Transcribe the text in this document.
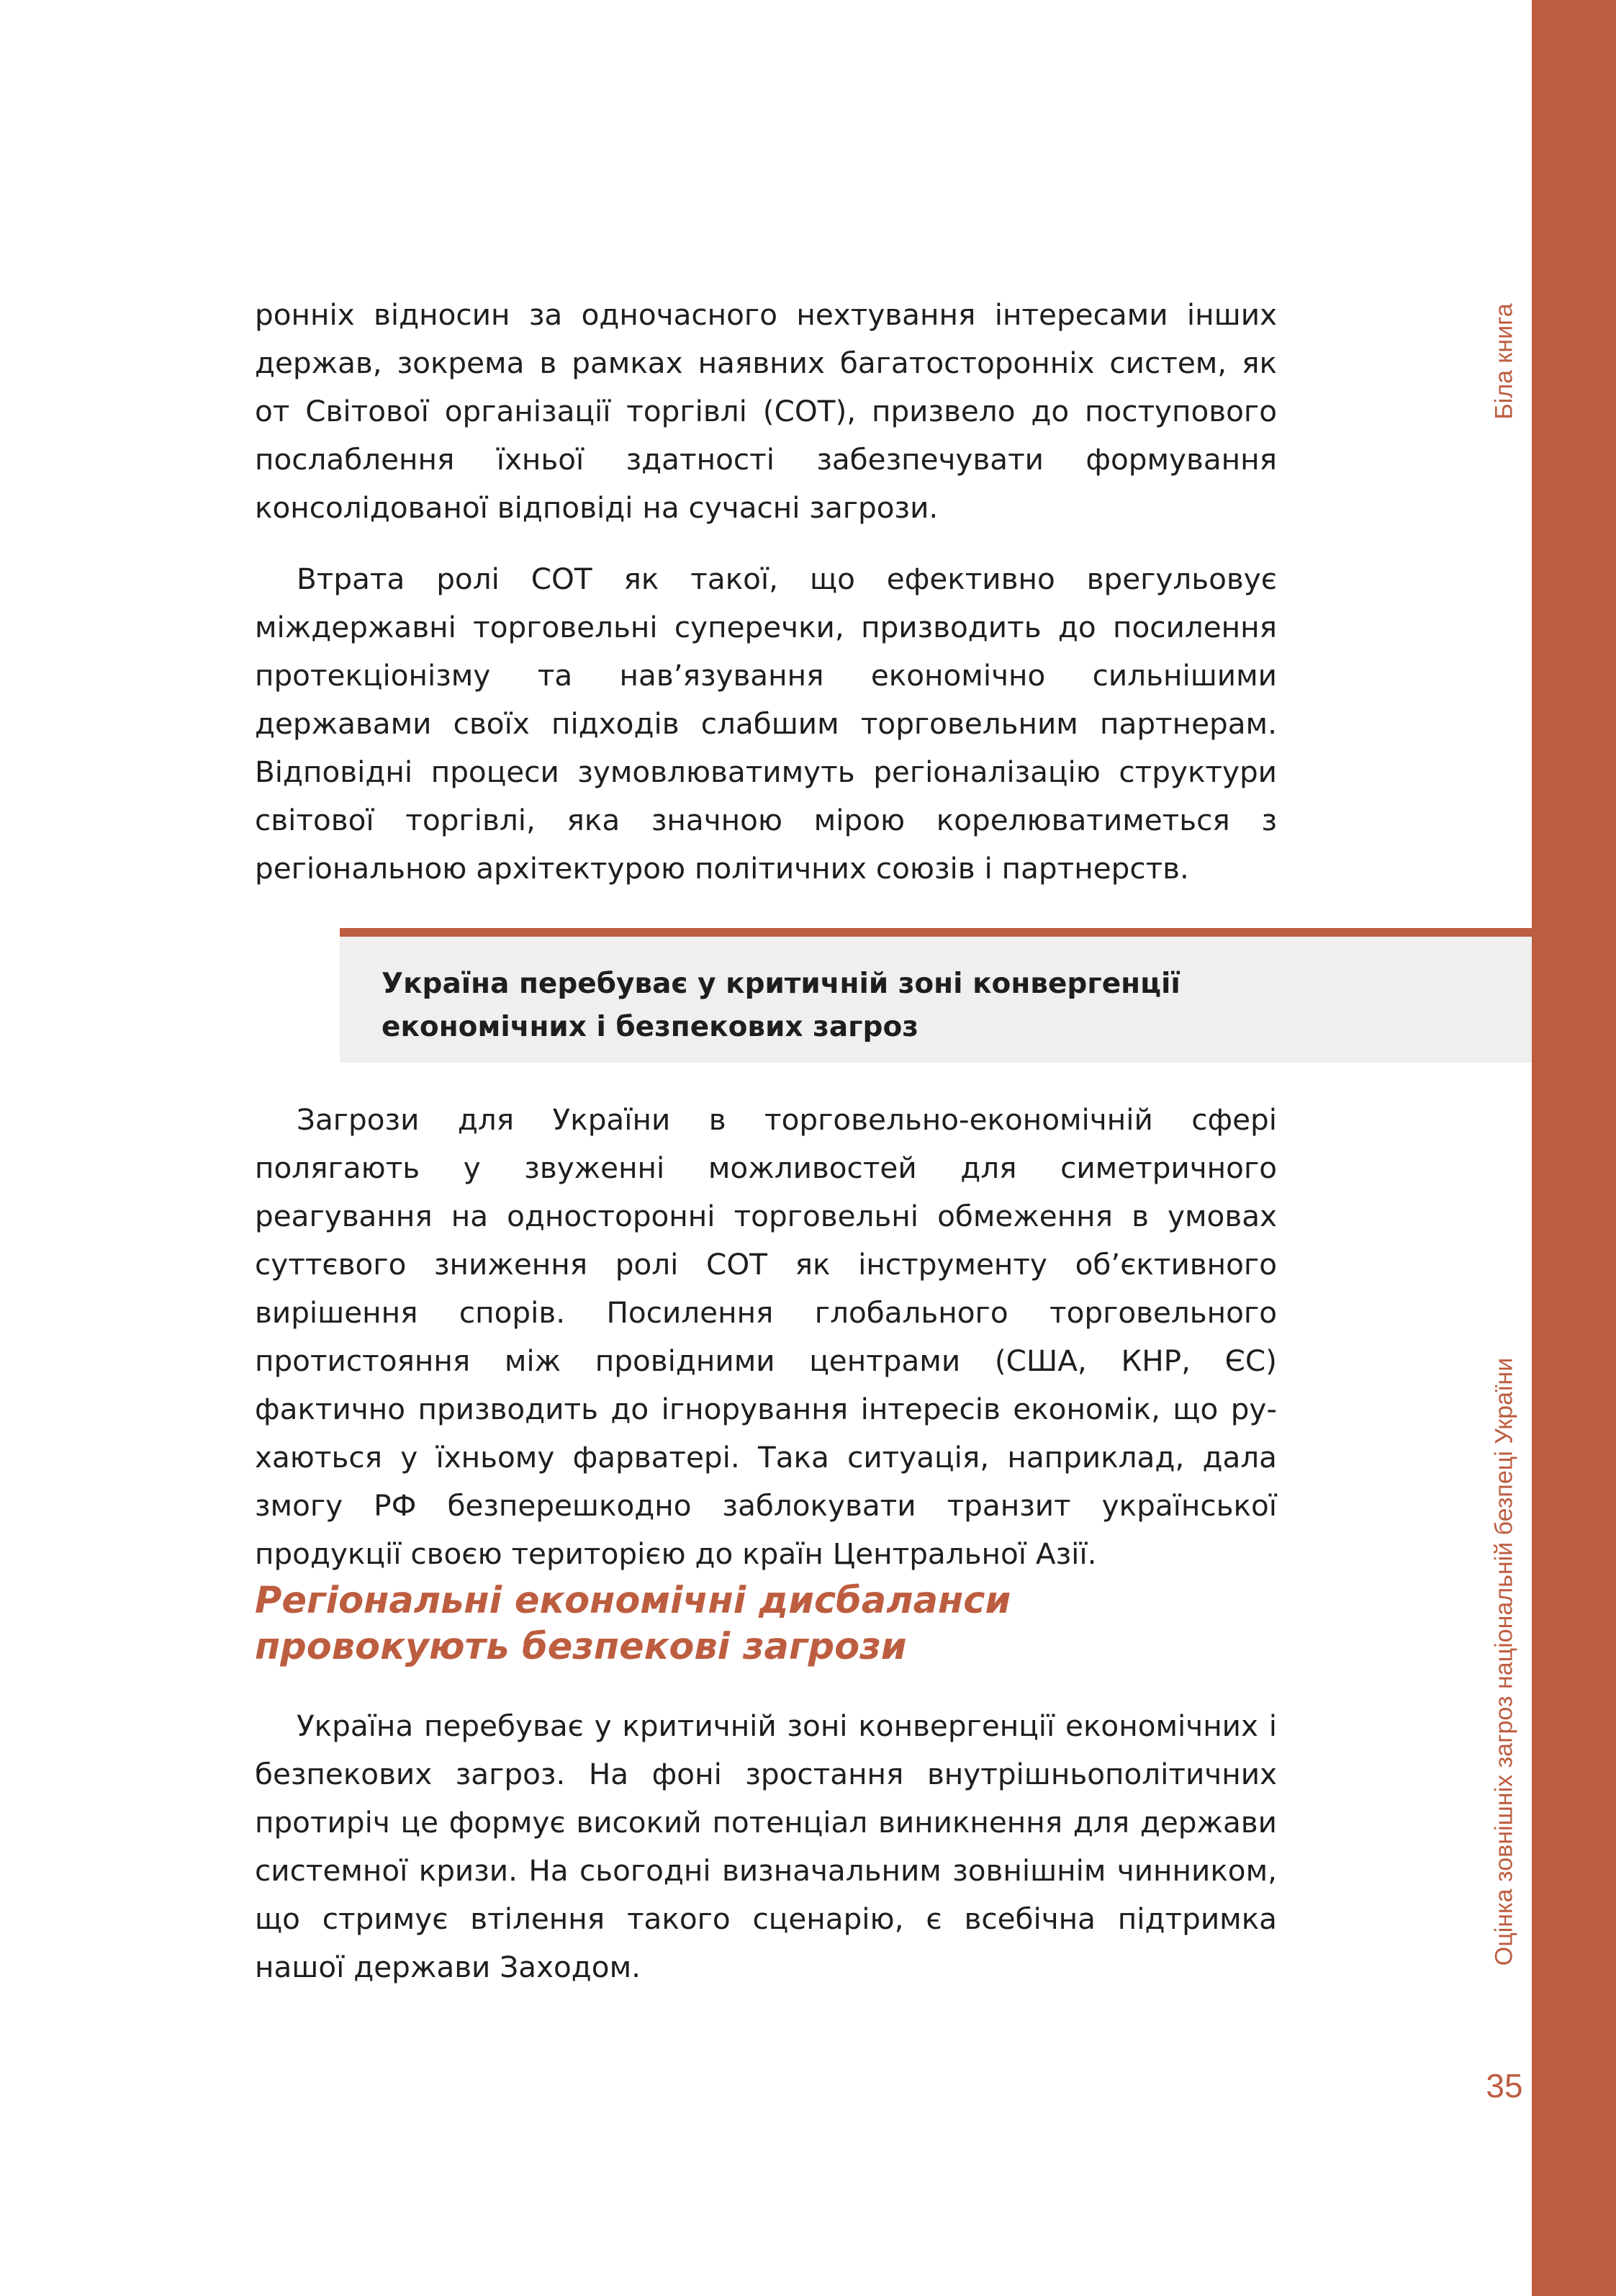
Біла книга
Оцінка зовнішніх загроз національній безпеці України
35

ронніх відносин за одночасного нехтування інтересами інших держав, зокрема в рамках наявних багатосторонніх систем, як от Світової організації торгівлі (СОТ), призвело до поступового послаблення їхньої здатності забезпечувати формування консолідованої відповіді на сучасні загрози.

Втрата ролі СОТ як такої, що ефективно врегульовує міждержавні торговельні суперечки, призводить до посилення протекціонізму та нав’язування економічно сильнішими державами своїх підходів слабшим торговельним партнерам. Відповідні процеси зумовлюватимуть регіоналізацію структури світової торгівлі, яка значною мірою корелюватиметься з регіональною архітектурою політичних союзів і партнерств.

Україна перебуває у критичній зоні конвергенції економічних і безпекових загроз

Загрози для України в торговельно-економічній сфері полягають у звуженні можливостей для симетричного реагування на односторонні торговельні обмеження в умовах суттєвого зниження ролі СОТ як інструменту об’єктивного вирішення спорів. Посилення глобального торговельного протистояння між провідними центрами (США, КНР, ЄС) фактично призводить до ігнорування інтересів економік, що рухаються у їхньому фарватері. Така ситуація, наприклад, дала змогу РФ безперешкодно заблокувати транзит української продукції своєю територією до країн Центральної Азії.

Регіональні економічні дисбаланси
провокують безпекові загрози

Україна перебуває у критичній зоні конвергенції економічних і безпекових загроз. На фоні зростання внутрішньополітичних протиріч це формує високий потенціал виникнення для держави системної кризи. На сьогодні визначальним зовнішнім чинником, що стримує втілення такого сценарію, є всебічна підтримка нашої держави Заходом.
